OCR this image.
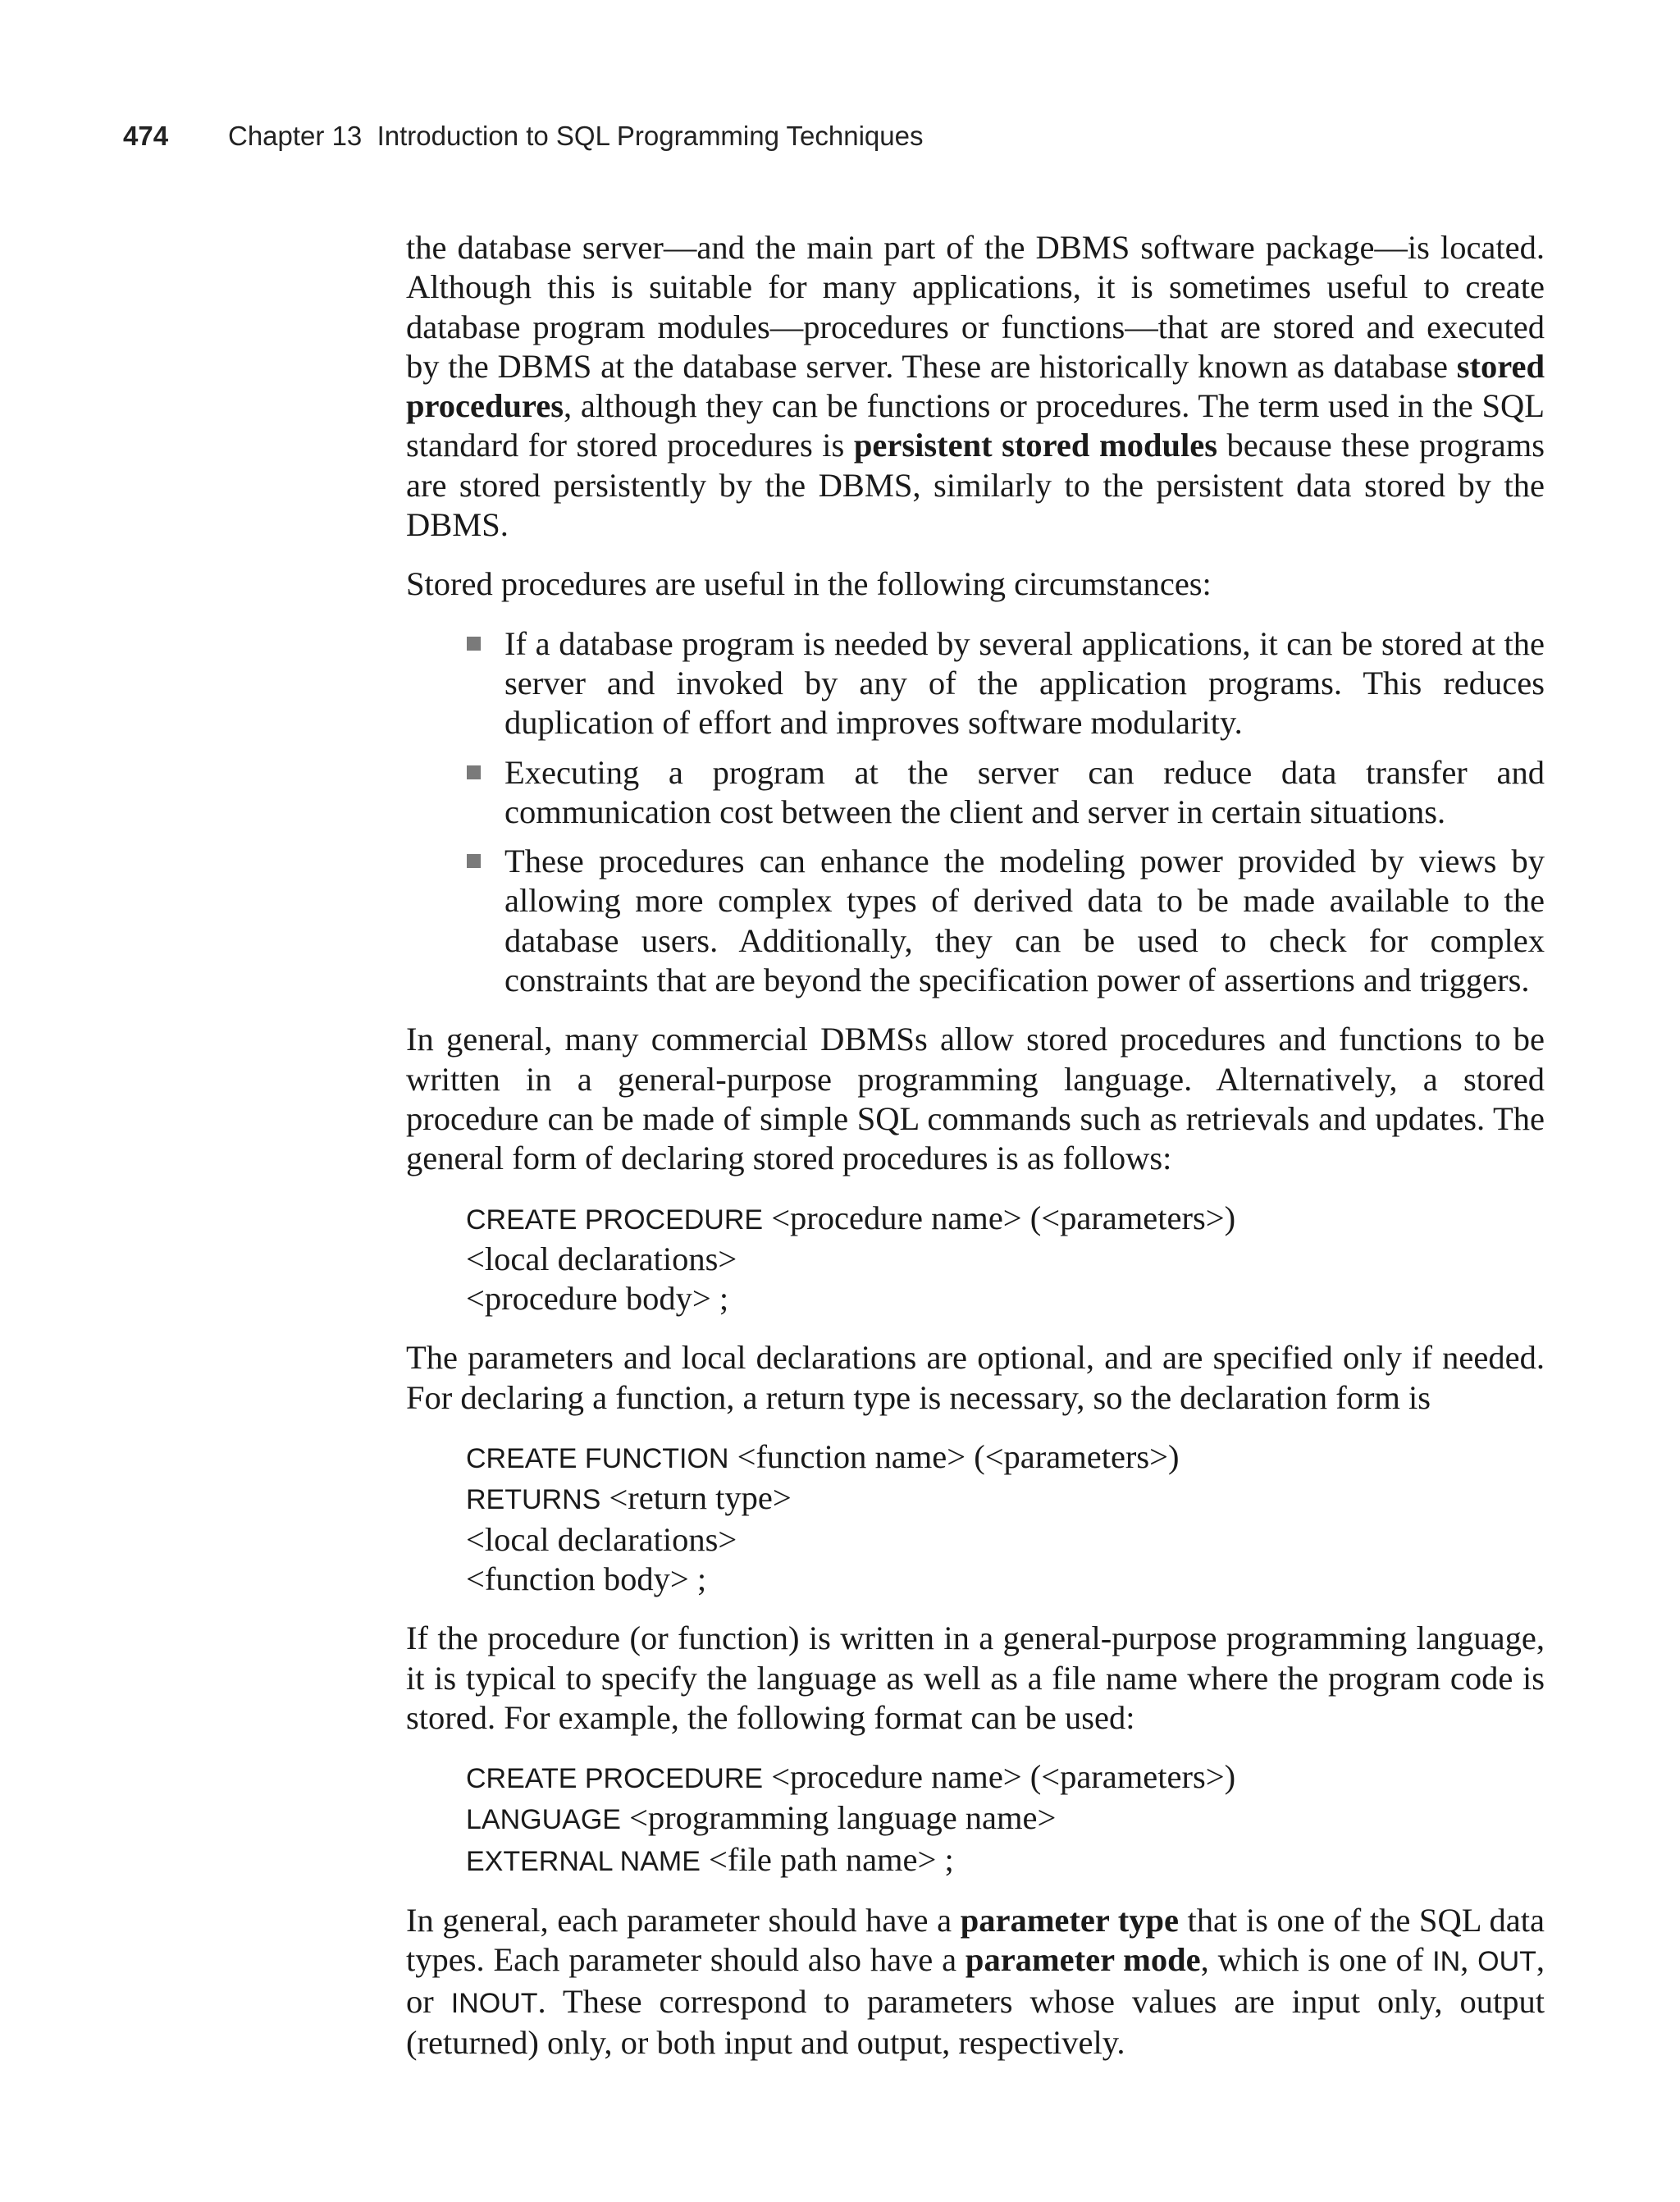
474 Chapter 13  Introduction to SQL Programming Techniques

the database server—and the main part of the DBMS software package—is located. Although this is suitable for many applications, it is sometimes useful to create database program modules—procedures or functions—that are stored and executed by the DBMS at the database server. These are historically known as database stored procedures, although they can be functions or procedures. The term used in the SQL standard for stored procedures is persistent stored modules because these programs are stored persistently by the DBMS, similarly to the persistent data stored by the DBMS.

Stored procedures are useful in the following circumstances:

If a database program is needed by several applications, it can be stored at the server and invoked by any of the application programs. This reduces duplication of effort and improves software modularity.
Executing a program at the server can reduce data transfer and communication cost between the client and server in certain situations.
These procedures can enhance the modeling power provided by views by allowing more complex types of derived data to be made available to the database users. Additionally, they can be used to check for complex constraints that are beyond the specification power of assertions and triggers.

In general, many commercial DBMSs allow stored procedures and functions to be written in a general-purpose programming language. Alternatively, a stored procedure can be made of simple SQL commands such as retrievals and updates. The general form of declaring stored procedures is as follows:

CREATE PROCEDURE <procedure name> (<parameters>)
<local declarations>
<procedure body> ;

The parameters and local declarations are optional, and are specified only if needed. For declaring a function, a return type is necessary, so the declaration form is

CREATE FUNCTION <function name> (<parameters>)
RETURNS <return type>
<local declarations>
<function body> ;

If the procedure (or function) is written in a general-purpose programming language, it is typical to specify the language as well as a file name where the program code is stored. For example, the following format can be used:

CREATE PROCEDURE <procedure name> (<parameters>)
LANGUAGE <programming language name>
EXTERNAL NAME <file path name> ;

In general, each parameter should have a parameter type that is one of the SQL data types. Each parameter should also have a parameter mode, which is one of IN, OUT, or INOUT. These correspond to parameters whose values are input only, output (returned) only, or both input and output, respectively.
